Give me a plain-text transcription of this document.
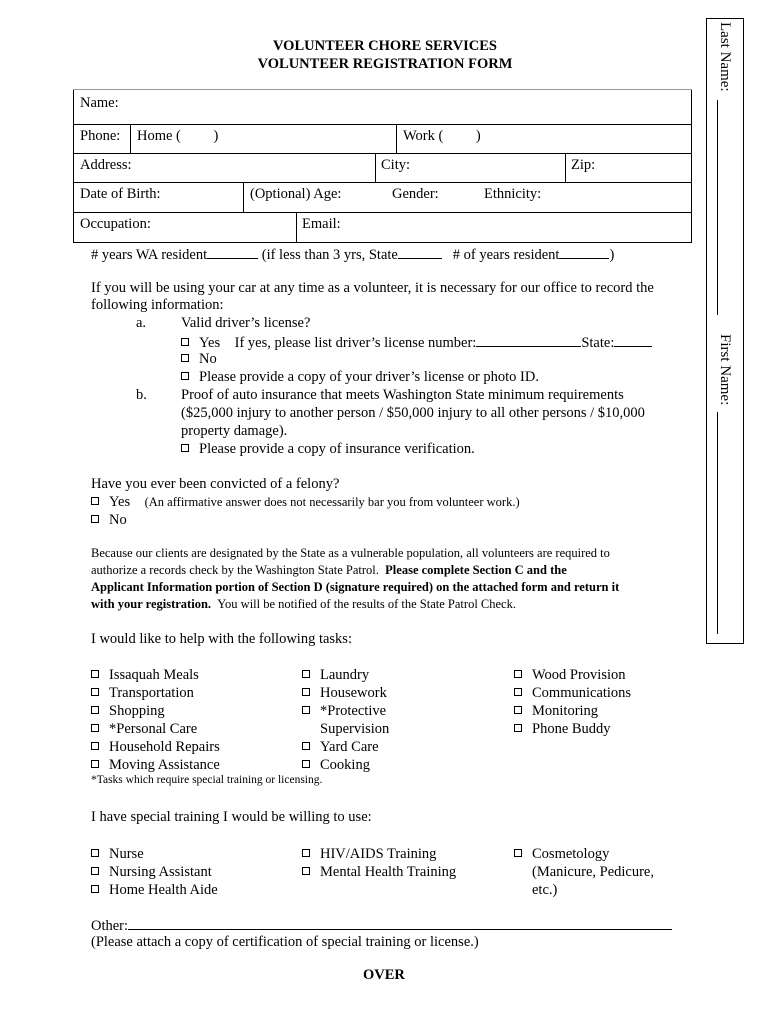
VOLUNTEER CHORE SERVICES
VOLUNTEER REGISTRATION FORM	Last Name:
First Name:
Name:
Phone: Home (         )	Work (         )
Address:	City:	Zip:
Date of Birth:	(Optional) Age:	Gender:	Ethnicity:
Occupation:	Email:
# years WA resident	(if less than 3 yrs, State	# of years resident	)
If you will be using your car at any time as a volunteer, it is necessary for our office to record the
following information:
a. Valid driver’s license?
Yes If yes, please list driver’s license number:	State:
No
Please provide a copy of your driver’s license or photo ID.
b. Proof of auto insurance that meets Washington State minimum requirements
($25,000 injury to another person / $50,000 injury to all other persons / $10,000
property damage).
Please provide a copy of insurance verification.
Have you ever been convicted of a felony?
Yes (An affirmative answer does not necessarily bar you from volunteer work.)
No
Because our clients are designated by the State as a vulnerable population, all volunteers are required to
authorize a records check by the Washington State Patrol. Please complete Section C and the
Applicant Information portion of Section D (signature required) on the attached form and return it
with your registration. You will be notified of the results of the State Patrol Check.
I would like to help with the following tasks:
Issaquah Meals
Transportation
Shopping
*Personal Care
Household Repairs
Moving Assistance
Laundry
Housework
*Protective
Supervision
Yard Care
Cooking
Wood Provision
Communications
Monitoring
Phone Buddy
*Tasks which require special training or licensing.
I have special training I would be willing to use:
Nurse
Nursing Assistant
Home Health Aide
HIV/AIDS Training
Mental Health Training
Cosmetology
(Manicure, Pedicure,
etc.)
Other:
(Please attach a copy of certification of special training or license.)
OVER
